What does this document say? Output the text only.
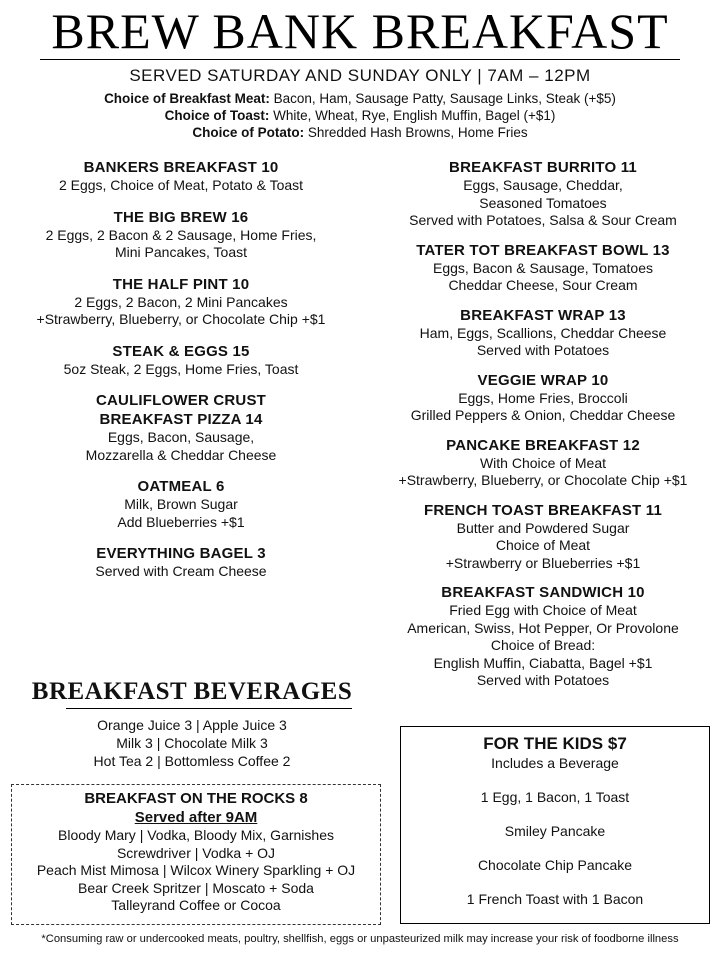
BREW BANK BREAKFAST
SERVED SATURDAY AND SUNDAY ONLY | 7AM – 12PM
Choice of Breakfast Meat: Bacon, Ham, Sausage Patty, Sausage Links, Steak (+$5)
Choice of Toast: White, Wheat, Rye, English Muffin, Bagel (+$1)
Choice of Potato: Shredded Hash Browns, Home Fries
BANKERS BREAKFAST 10
2 Eggs, Choice of Meat, Potato & Toast
THE BIG BREW 16
2 Eggs, 2 Bacon & 2 Sausage, Home Fries,
Mini Pancakes, Toast
THE HALF PINT 10
2 Eggs, 2 Bacon, 2 Mini Pancakes
+Strawberry, Blueberry, or Chocolate Chip +$1
STEAK & EGGS 15
5oz Steak, 2 Eggs, Home Fries, Toast
CAULIFLOWER CRUST
BREAKFAST PIZZA 14
Eggs, Bacon, Sausage,
Mozzarella & Cheddar Cheese
OATMEAL 6
Milk, Brown Sugar
Add Blueberries +$1
EVERYTHING BAGEL 3
Served with Cream Cheese
BREAKFAST BURRITO 11
Eggs, Sausage, Cheddar,
Seasoned Tomatoes
Served with Potatoes, Salsa & Sour Cream
TATER TOT BREAKFAST BOWL 13
Eggs, Bacon & Sausage, Tomatoes
Cheddar Cheese, Sour Cream
BREAKFAST WRAP 13
Ham, Eggs, Scallions, Cheddar Cheese
Served with Potatoes
VEGGIE WRAP 10
Eggs, Home Fries, Broccoli
Grilled Peppers & Onion, Cheddar Cheese
PANCAKE BREAKFAST 12
With Choice of Meat
+Strawberry, Blueberry, or Chocolate Chip +$1
FRENCH TOAST BREAKFAST 11
Butter and Powdered Sugar
Choice of Meat
+Strawberry or Blueberries +$1
BREAKFAST SANDWICH 10
Fried Egg with Choice of Meat
American, Swiss, Hot Pepper, Or Provolone
Choice of Bread:
English Muffin, Ciabatta, Bagel +$1
Served with Potatoes
BREAKFAST BEVERAGES
Orange Juice 3 | Apple Juice 3
Milk 3 | Chocolate Milk 3
Hot Tea 2 | Bottomless Coffee 2
BREAKFAST ON THE ROCKS 8
Served after 9AM
Bloody Mary | Vodka, Bloody Mix, Garnishes
Screwdriver | Vodka + OJ
Peach Mist Mimosa | Wilcox Winery Sparkling + OJ
Bear Creek Spritzer | Moscato + Soda
Talleyrand Coffee or Cocoa
FOR THE KIDS $7
Includes a Beverage
1 Egg, 1 Bacon, 1 Toast
Smiley Pancake
Chocolate Chip Pancake
1 French Toast with 1 Bacon
*Consuming raw or undercooked meats, poultry, shellfish, eggs or unpasteurized milk may increase your risk of foodborne illness
